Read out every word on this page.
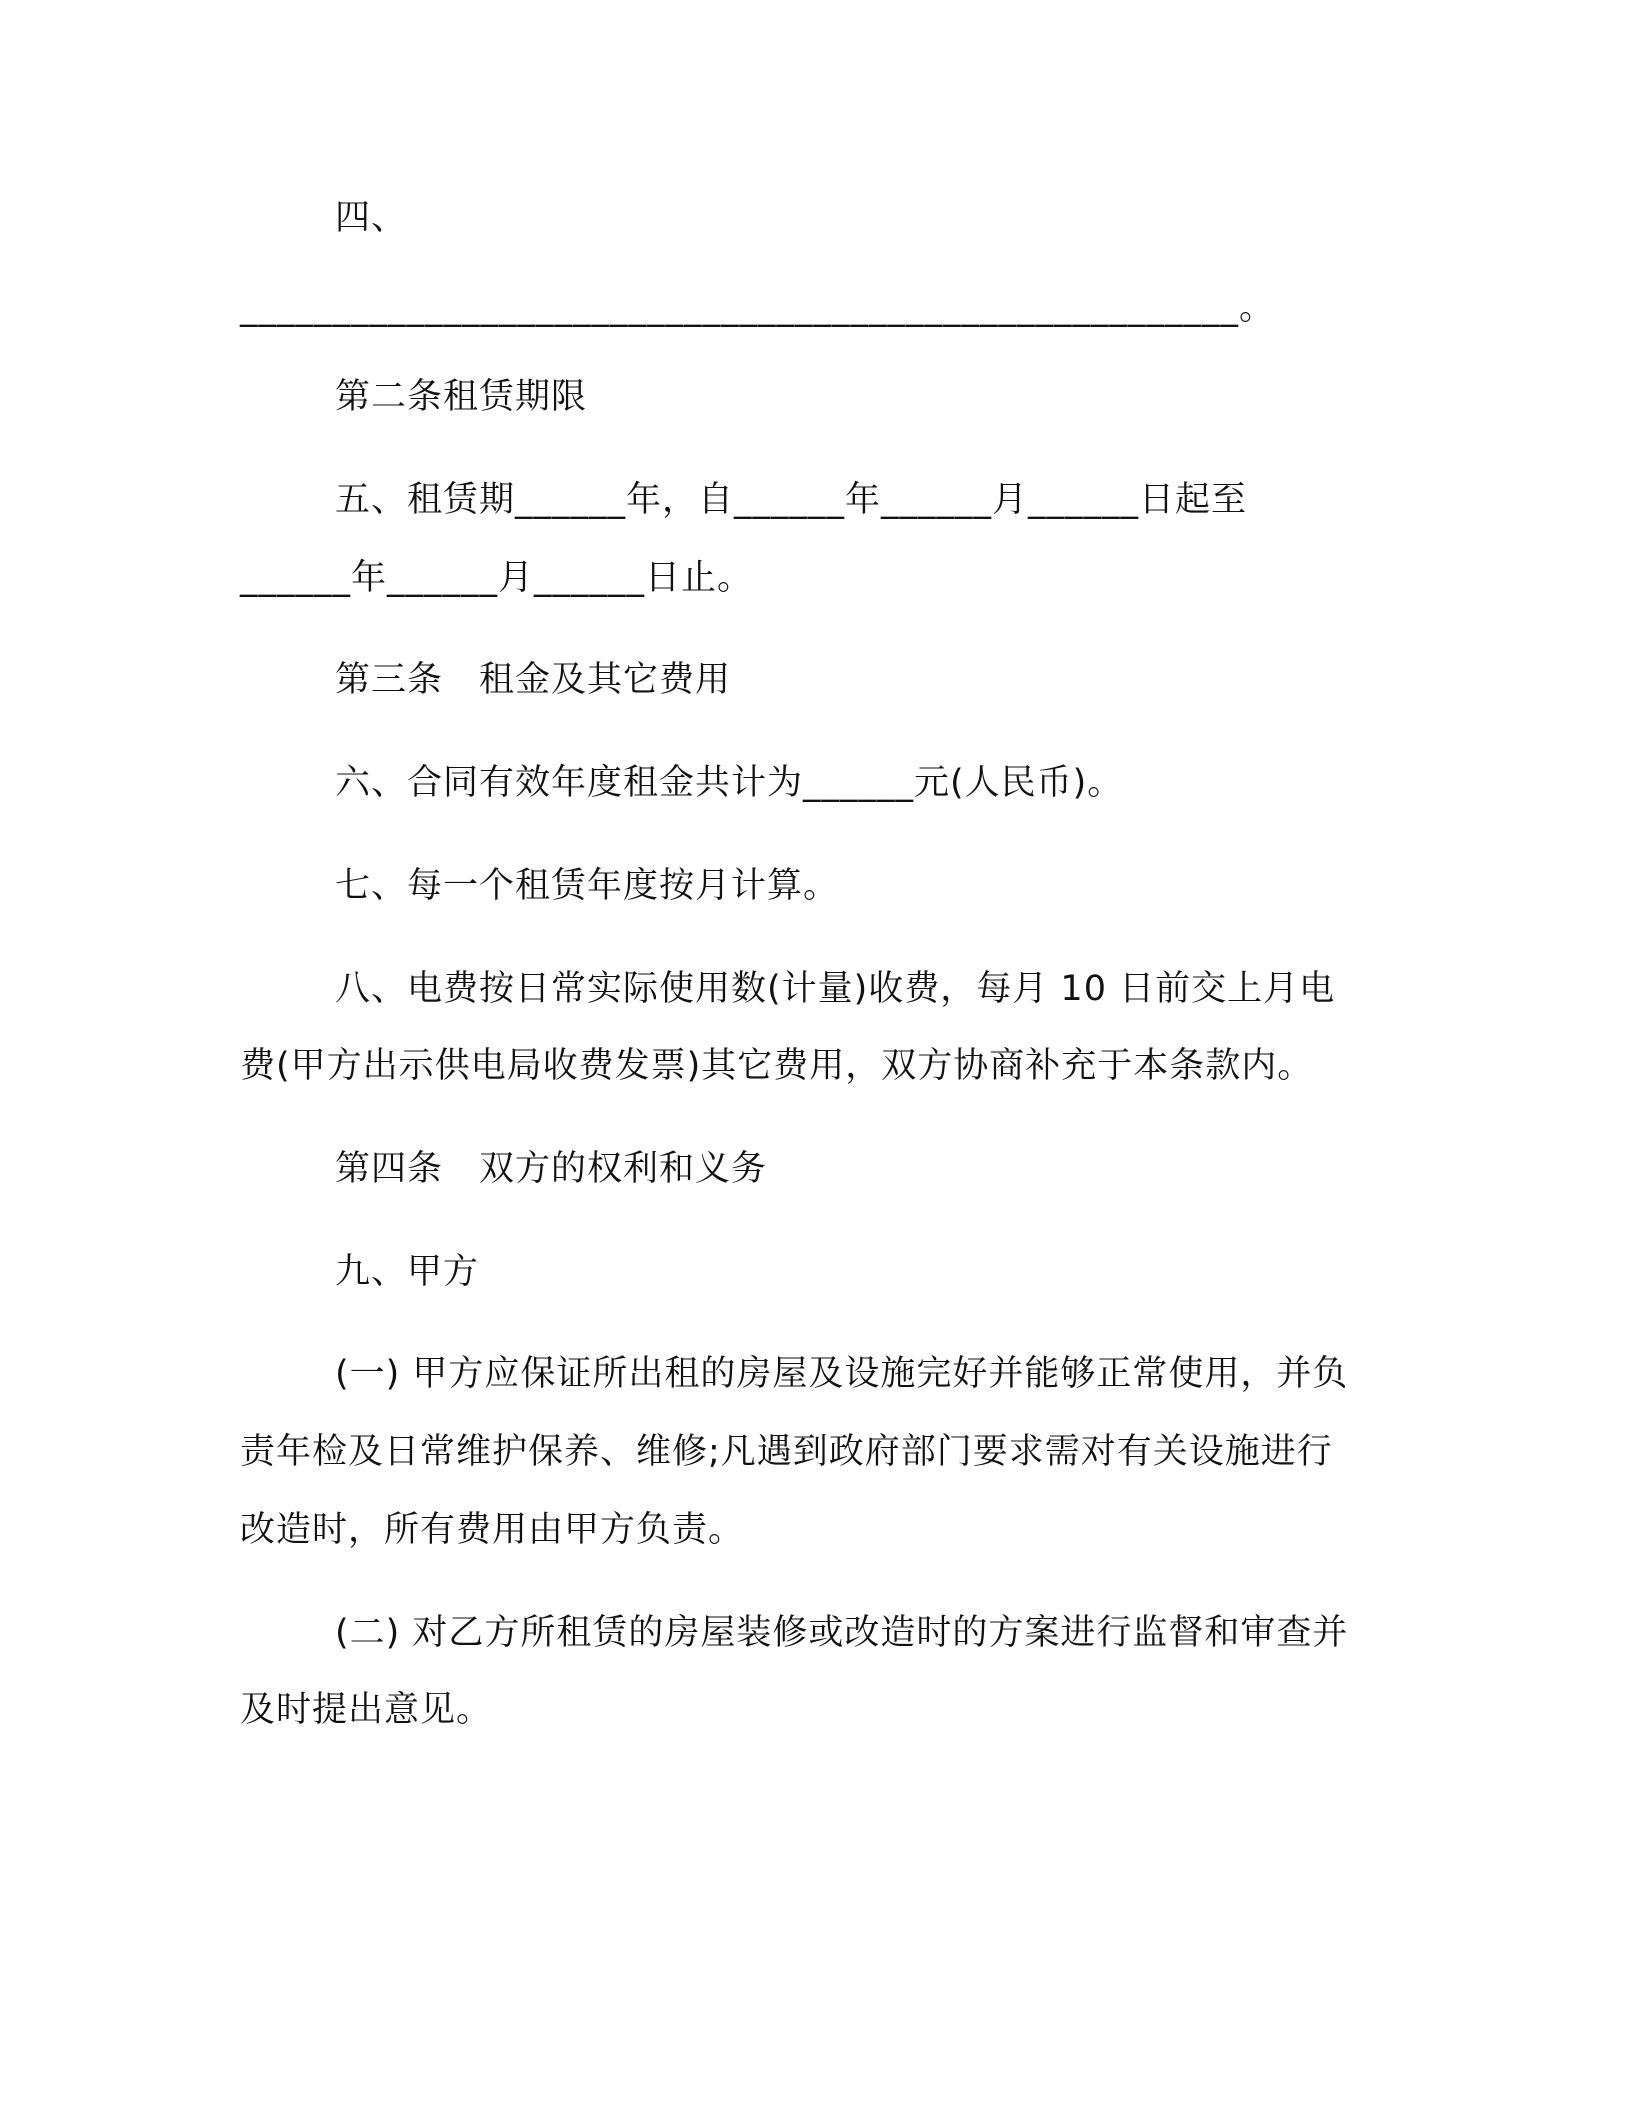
四、
______________________________________________________。
第二条租赁期限
五、租赁期______年，自______年______月______日起至
______年______月______日止。
第三条　租金及其它费用
六、合同有效年度租金共计为______元(人民币)。
七、每一个租赁年度按月计算。
八、电费按日常实际使用数(计量)收费，每月 10 日前交上月电
费(甲方出示供电局收费发票)其它费用，双方协商补充于本条款内。
第四条　双方的权利和义务
九、甲方
(一) 甲方应保证所出租的房屋及设施完好并能够正常使用，并负
责年检及日常维护保养、维修;凡遇到政府部门要求需对有关设施进行
改造时，所有费用由甲方负责。
(二) 对乙方所租赁的房屋装修或改造时的方案进行监督和审查并
及时提出意见。
